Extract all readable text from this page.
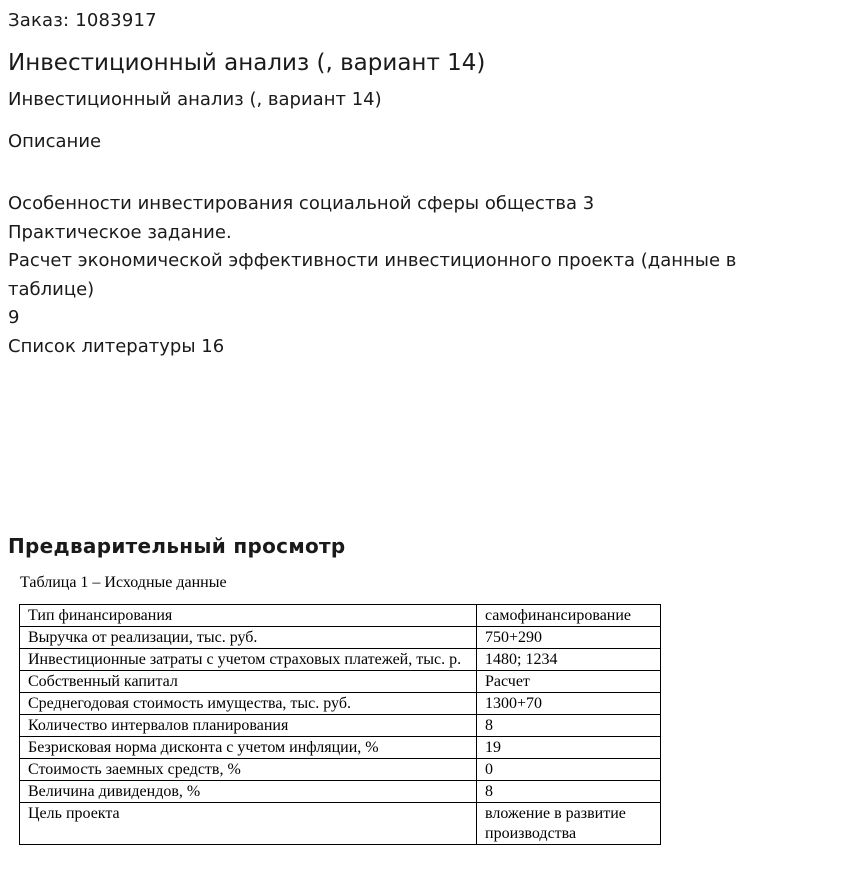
Заказ: 1083917
Инвестиционный анализ (, вариант 14)
Инвестиционный анализ (, вариант 14)
Описание
Особенности инвестирования социальной сферы общества 3
Практическое задание.
Расчет экономической эффективности инвестиционного проекта (данные в таблице)
9
Список литературы 16
Предварительный просмотр
Таблица 1 – Исходные данные
Тип финансирования	самофинансирование
Выручка от реализации, тыс. руб.	750+290
Инвестиционные затраты с учетом страховых платежей, тыс. р.	1480; 1234
Собственный капитал	Расчет
Среднегодовая стоимость имущества, тыс. руб.	1300+70
Количество интервалов планирования	8
Безрисковая норма дисконта с учетом инфляции, %	19
Стоимость заемных средств, %	0
Величина дивидендов, %	8
Цель проекта	вложение в развитие производства
